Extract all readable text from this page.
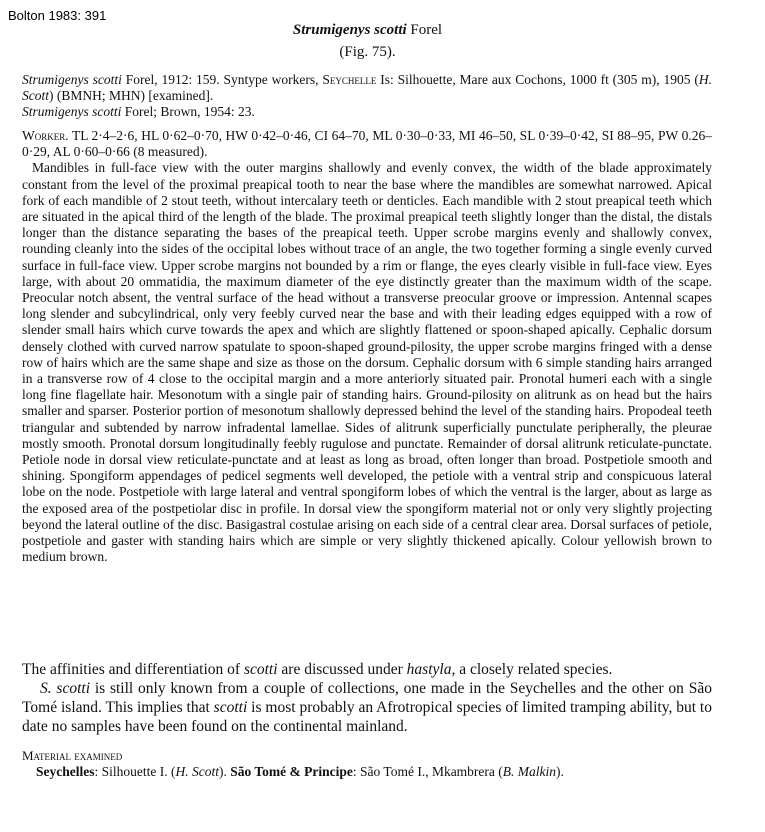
Bolton 1983: 391
Strumigenys scotti Forel
(Fig. 75).

Strumigenys scotti Forel, 1912: 159. Syntype workers, Seychelle Is: Silhouette, Mare aux Cochons, 1000 ft (305 m), 1905 (H. Scott) (BMNH; MHN) [examined].

Strumigenys scotti Forel; Brown, 1954: 23.

Worker. TL 2·4–2·6, HL 0·62–0·70, HW 0·42–0·46, CI 64–70, ML 0·30–0·33, MI 46–50, SL 0·39–0·42, SI 88–95, PW 0.26–0·29, AL 0·60–0·66 (8 measured).

Mandibles in full-face view with the outer margins shallowly and evenly convex, the width of the blade approximately constant from the level of the proximal preapical tooth to near the base where the mandibles are somewhat narrowed. Apical fork of each mandible of 2 stout teeth, without intercalary teeth or denticles. Each mandible with 2 stout preapical teeth which are situated in the apical third of the length of the blade. The proximal preapical teeth slightly longer than the distal, the distals longer than the distance separating the bases of the preapical teeth. Upper scrobe margins evenly and shallowly convex, rounding cleanly into the sides of the occipital lobes without trace of an angle, the two together forming a single evenly curved surface in full-face view. Upper scrobe margins not bounded by a rim or flange, the eyes clearly visible in full-face view. Eyes large, with about 20 ommatidia, the maximum diameter of the eye distinctly greater than the maximum width of the scape. Preocular notch absent, the ventral surface of the head without a transverse preocular groove or impression. Antennal scapes long slender and subcylindrical, only very feebly curved near the base and with their leading edges equipped with a row of slender small hairs which curve towards the apex and which are slightly flattened or spoon-shaped apically. Cephalic dorsum densely clothed with curved narrow spatulate to spoon-shaped ground-pilosity, the upper scrobe margins fringed with a dense row of hairs which are the same shape and size as those on the dorsum. Cephalic dorsum with 6 simple standing hairs arranged in a transverse row of 4 close to the occipital margin and a more anteriorly situated pair. Pronotal humeri each with a single long fine flagellate hair. Mesonotum with a single pair of standing hairs. Ground-pilosity on alitrunk as on head but the hairs smaller and sparser. Posterior portion of mesonotum shallowly depressed behind the level of the standing hairs. Propodeal teeth triangular and subtended by narrow infradental lamellae. Sides of alitrunk superficially punctulate peripherally, the pleurae mostly smooth. Pronotal dorsum longitudinally feebly rugulose and punctate. Remainder of dorsal alitrunk reticulate-punctate. Petiole node in dorsal view reticulate-punctate and at least as long as broad, often longer than broad. Postpetiole smooth and shining. Spongiform appendages of pedicel segments well developed, the petiole with a ventral strip and conspicuous lateral lobe on the node. Postpetiole with large lateral and ventral spongiform lobes of which the ventral is the larger, about as large as the exposed area of the postpetiolar disc in profile. In dorsal view the spongiform material not or only very slightly projecting beyond the lateral outline of the disc. Basigastral costulae arising on each side of a central clear area. Dorsal surfaces of petiole, postpetiole and gaster with standing hairs which are simple or very slightly thickened apically. Colour yellowish brown to medium brown.

The affinities and differentiation of scotti are discussed under hastyla, a closely related species.

S. scotti is still only known from a couple of collections, one made in the Seychelles and the other on São Tomé island. This implies that scotti is most probably an Afrotropical species of limited tramping ability, but to date no samples have been found on the continental mainland.

Material examined

Seychelles: Silhouette I. (H. Scott). São Tomé & Principe: São Tomé I., Mkambrera (B. Malkin).
